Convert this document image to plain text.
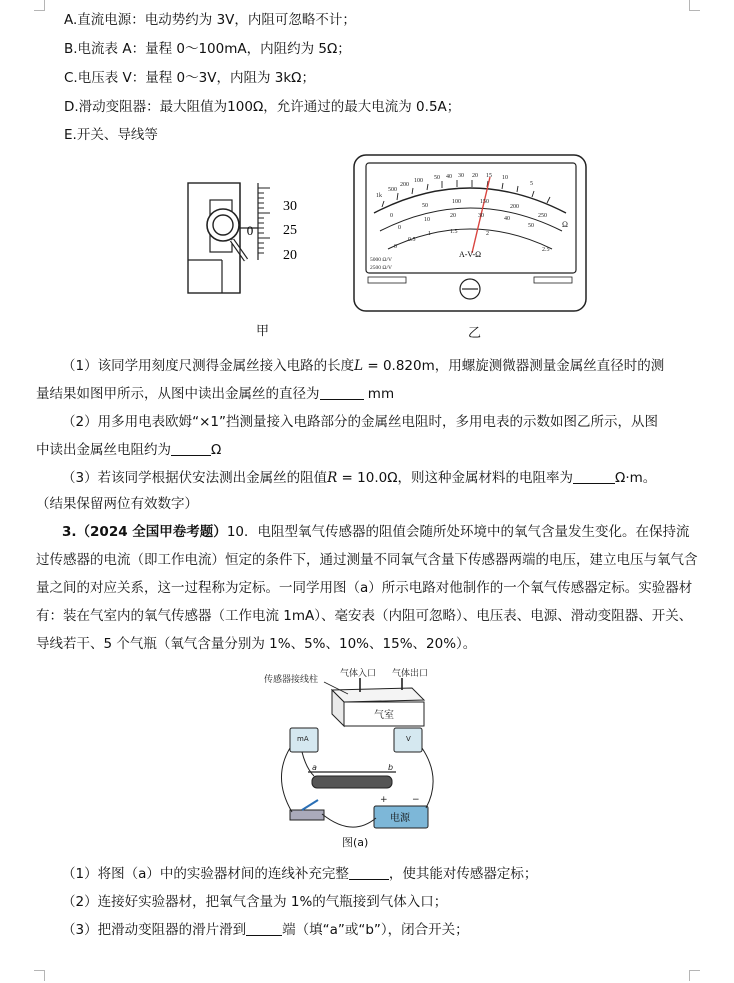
A.直流电源：电动势约为 3V，内阻可忽略不计；
B.电流表 A：量程 0～100mA，内阻约为 5Ω；
C.电压表 V：量程 0～3V，内阻为 3kΩ；
D.滑动变阻器：最大阻值为100Ω，允许通过的最大电流为 0.5A；
E.开关、导线等
30
25
20
0
甲
1k
500
200
100 50 40 30 20 15 10
5
Ω
0
50
100	150
200
250
0
10
20	30	40
50
0
0.5
1	1.5	2
2.5
5000 Ω/V
2500 Ω/V
A-V-Ω
乙
（1）该同学用刻度尺测得金属丝接入电路的长度L = 0.820m，用螺旋测微器测量金属丝直径时的测
量结果如图甲所示，从图中读出金属丝的直径为	mm
（2）用多用电表欧姆“×1”挡测量接入电路部分的金属丝电阻时，多用电表的示数如图乙所示，从图
中读出金属丝电阻约为	Ω
（3）若该同学根据伏安法测出金属丝的阻值R = 10.0Ω，则这种金属材料的电阻率为	Ω·m。
（结果保留两位有效数字）
3.（2024 全国甲卷考题）10．电阻型氧气传感器的阻值会随所处环境中的氧气含量发生变化。在保持流过传感器的电流（即工作电流）恒定的条件下，通过测量不同氧气含量下传感器两端的电压，建立电压与氧气含量之间的对应关系，这一过程称为定标。一同学用图（a）所示电路对他制作的一个氧气传感器定标。实验器材有：装在气室内的氧气传感器（工作电流 1mA）、毫安表（内阻可忽略）、电压表、电源、滑动变阻器、开关、导线若干、5 个气瓶（氧气含量分别为 1%、5%、10%、15%、20%）。
气体入口 气体出口
传感器接线柱
气室
mA	V
a	b
电源
+	−
图(a)
（1）将图（a）中的实验器材间的连线补充完整	，使其能对传感器定标；
（2）连接好实验器材，把氧气含量为 1%的气瓶接到气体入口；
（3）把滑动变阻器的滑片滑到	端（填“a”或“b”），闭合开关；
